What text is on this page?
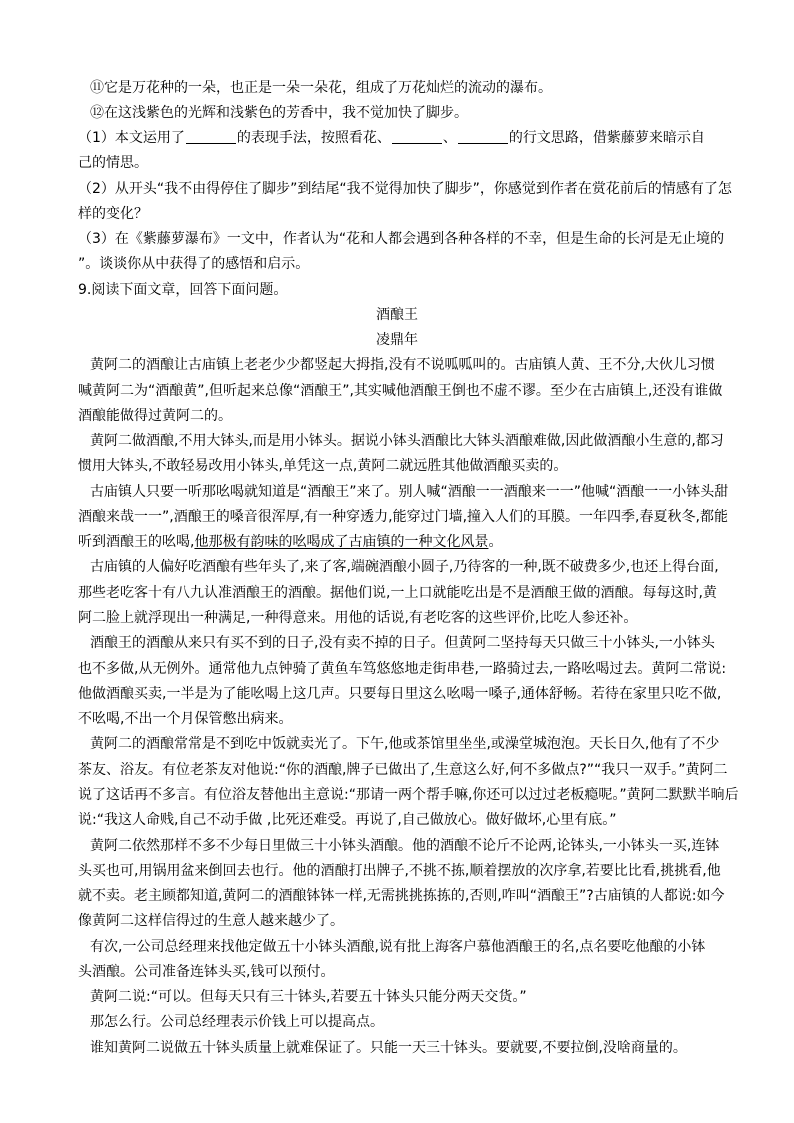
⑪它是万花种的一朵，也正是一朵一朵花，组成了万花灿烂的流动的瀑布。
⑫在这浅紫色的光辉和浅紫色的芳香中，我不觉加快了脚步。
（1）本文运用了	的表现手法，按照看花、	、	的行文思路，借紫藤萝来暗示自
己的情思。
（2）从开头“我不由得停住了脚步”到结尾“我不觉得加快了脚步”，你感觉到作者在赏花前后的情感有了怎
样的变化？
（3）在《紫藤萝瀑布》一文中，作者认为“花和人都会遇到各种各样的不幸，但是生命的长河是无止境的
”。谈谈你从中获得了的感悟和启示。
9.阅读下面文章，回答下面问题。
酒酿王
凌鼎年
黄阿二的酒酿让古庙镇上老老少少都竖起大拇指,没有不说呱呱叫的。古庙镇人黄、王不分,大伙儿习惯
喊黄阿二为“酒酿黄”,但听起来总像“酒酿王”,其实喊他酒酿王倒也不虚不谬。至少在古庙镇上,还没有谁做
酒酿能做得过黄阿二的。
黄阿二做酒酿,不用大钵头,而是用小钵头。据说小钵头酒酿比大钵头酒酿难做,因此做酒酿小生意的,都习
惯用大钵头,不敢轻易改用小钵头,单凭这一点,黄阿二就远胜其他做酒酿买卖的。
古庙镇人只要一听那吆喝就知道是“酒酿王”来了。别人喊“酒酿一一酒酿来一一”他喊“酒酿一一小钵头甜
酒酿来哉一一”,酒酿王的嗓音很浑厚,有一种穿透力,能穿过门墙,撞入人们的耳膜。一年四季,春夏秋冬,都能
听到酒酿王的吆喝,他那极有韵味的吆喝成了古庙镇的一种文化风景。
古庙镇的人偏好吃酒酿有些年头了,来了客,端碗酒酿小圆子,乃待客的一种,既不破费多少,也还上得台面,
那些老吃客十有八九认准酒酿王的酒酿。据他们说,一上口就能吃出是不是酒酿王做的酒酿。每每这时,黄
阿二脸上就浮现出一种满足,一种得意来。用他的话说,有老吃客的这些评价,比吃人参还补。
酒酿王的酒酿从来只有买不到的日子,没有卖不掉的日子。但黄阿二坚持每天只做三十小钵头,一小钵头
也不多做,从无例外。通常他九点钟骑了黄鱼车笃悠悠地走街串巷,一路骑过去,一路吆喝过去。黄阿二常说:
他做酒酿买卖,一半是为了能吆喝上这几声。只要每日里这么吆喝一嗓子,通体舒畅。若待在家里只吃不做,
不吆喝,不出一个月保管憋出病来。
黄阿二的酒酿常常是不到吃中饭就卖光了。下午,他或茶馆里坐坐,或澡堂城泡泡。天长日久,他有了不少
茶友、浴友。有位老茶友对他说:“你的酒酿,牌子已做出了,生意这么好,何不多做点?”“我只一双手。”黄阿二
说了这话再不多言。有位浴友替他出主意说:“那请一两个帮手嘛,你还可以过过老板瘾呢。”黄阿二默默半晌后
说:“我这人命贱,自己不动手做 ,比死还难受。再说了,自己做放心。做好做坏,心里有底。”
黄阿二依然那样不多不少每日里做三十小钵头酒酿。他的酒酿不论斤不论两,论钵头,一小钵头一买,连钵
头买也可,用锅用盆来倒回去也行。他的酒酿打出牌子,不挑不拣,顺着摆放的次序拿,若要比比看,挑挑看,他
就不卖。老主顾都知道,黄阿二的酒酿钵钵一样,无需挑挑拣拣的,否则,咋叫“酒酿王”?古庙镇的人都说:如今
像黄阿二这样信得过的生意人越来越少了。
有次,一公司总经理来找他定做五十小钵头酒酿,说有批上海客户慕他酒酿王的名,点名要吃他酿的小钵
头酒酿。公司准备连钵头买,钱可以预付。
黄阿二说:“可以。但每天只有三十钵头,若要五十钵头只能分两天交货。”
那怎么行。公司总经理表示价钱上可以提高点。
谁知黄阿二说做五十钵头质量上就难保证了。只能一天三十钵头。要就要,不要拉倒,没啥商量的。
